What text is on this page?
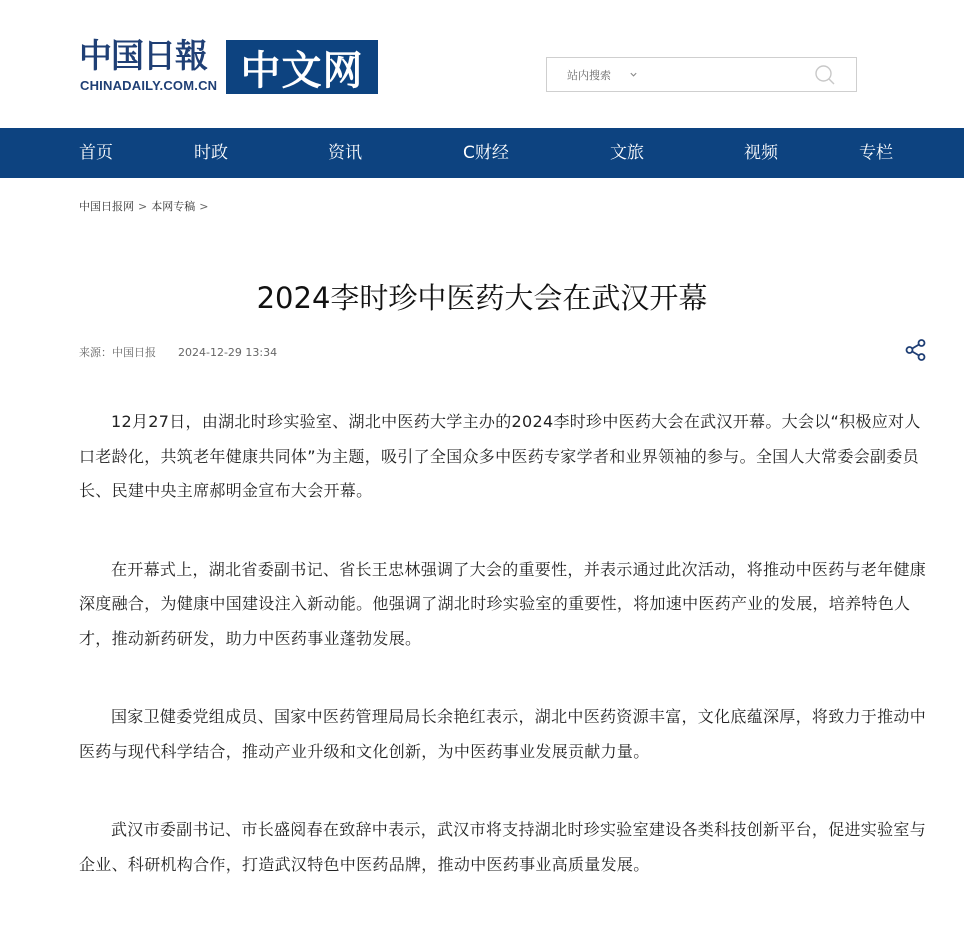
中国日報
CHINADAILY.COM.CN 中文网	站内搜索
首页	时政	资讯	C财经	文旅	视频	专栏
中国日报网 > 本网专稿 >
2024李时珍中医药大会在武汉开幕
来源：中国日报 2024-12-29 13:34

12月27日，由湖北时珍实验室、湖北中医药大学主办的2024李时珍中医药大会在武汉开幕。大会以“积极应对人口老龄化，共筑老年健康共同体”为主题，吸引了全国众多中医药专家学者和业界领袖的参与。全国人大常委会副委员长、民建中央主席郝明金宣布大会开幕。

在开幕式上，湖北省委副书记、省长王忠林强调了大会的重要性，并表示通过此次活动，将推动中医药与老年健康深度融合，为健康中国建设注入新动能。他强调了湖北时珍实验室的重要性，将加速中医药产业的发展，培养特色人才，推动新药研发，助力中医药事业蓬勃发展。

国家卫健委党组成员、国家中医药管理局局长余艳红表示，湖北中医药资源丰富，文化底蕴深厚，将致力于推动中医药与现代科学结合，推动产业升级和文化创新，为中医药事业发展贡献力量。

武汉市委副书记、市长盛阅春在致辞中表示，武汉市将支持湖北时珍实验室建设各类科技创新平台，促进实验室与企业、科研机构合作，打造武汉特色中医药品牌，推动中医药事业高质量发展。
